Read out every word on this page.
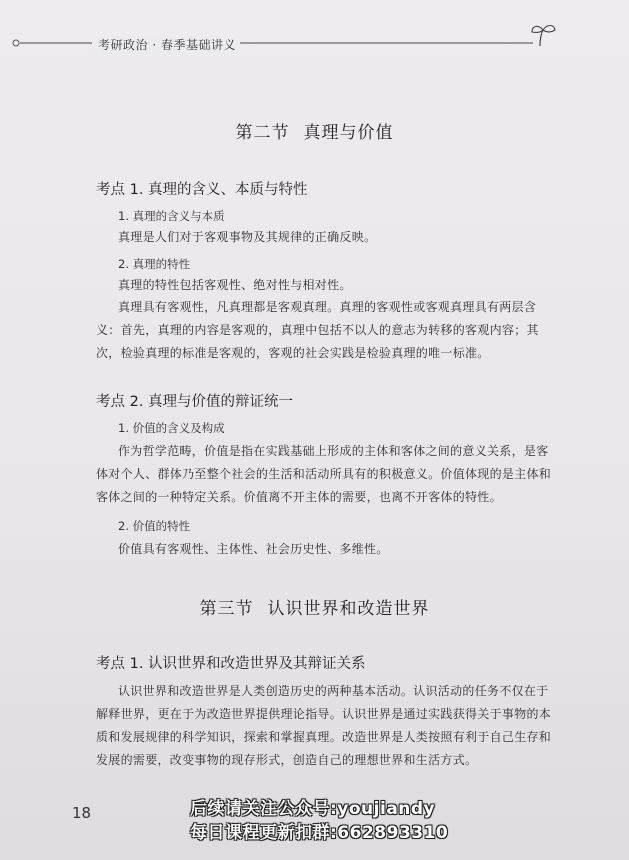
考研政治 · 春季基础讲义
第二节 真理与价值
考点 1. 真理的含义、本质与特性
1. 真理的含义与本质

真理是人们对于客观事物及其规律的正确反映。

2. 真理的特性

真理的特性包括客观性、绝对性与相对性。

真理具有客观性，凡真理都是客观真理。真理的客观性或客观真理具有两层含义：首先，真理的内容是客观的，真理中包括不以人的意志为转移的客观内容；其次，检验真理的标准是客观的，客观的社会实践是检验真理的唯一标准。

考点 2. 真理与价值的辩证统一
1. 价值的含义及构成

作为哲学范畴，价值是指在实践基础上形成的主体和客体之间的意义关系，是客体对个人、群体乃至整个社会的生活和活动所具有的积极意义。价值体现的是主体和客体之间的一种特定关系。价值离不开主体的需要，也离不开客体的特性。

2. 价值的特性

价值具有客观性、主体性、社会历史性、多维性。

第三节 认识世界和改造世界
考点 1. 认识世界和改造世界及其辩证关系

认识世界和改造世界是人类创造历史的两种基本活动。认识活动的任务不仅在于解释世界，更在于为改造世界提供理论指导。认识世界是通过实践获得关于事物的本质和发展规律的科学知识，探索和掌握真理。改造世界是人类按照有利于自己生存和发展的需要，改变事物的现存形式，创造自己的理想世界和生活方式。

18	后续请关注公众号:youjiandy
每日课程更新扣群:662893310
